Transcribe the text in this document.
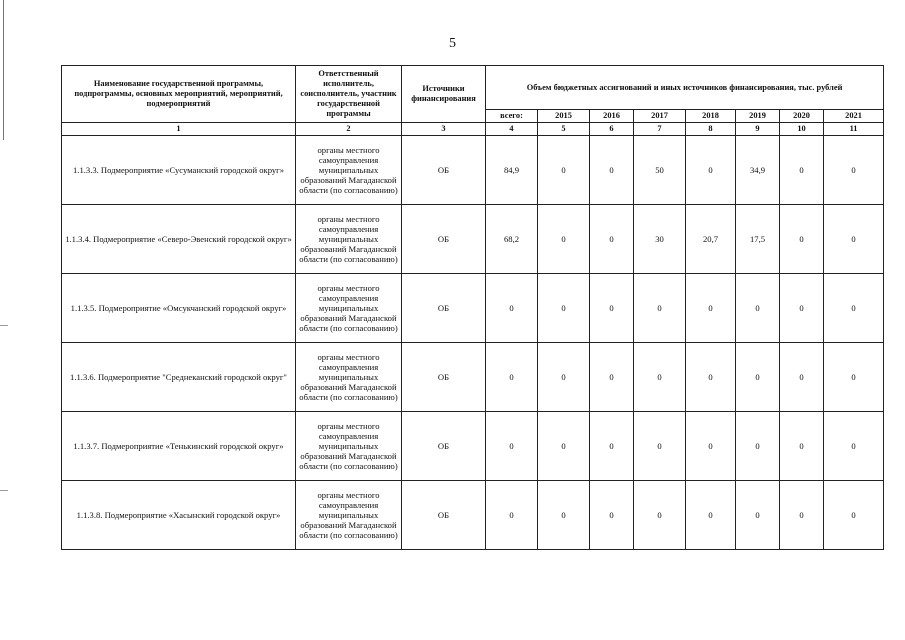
5
Наименование государственной программы, подпрограммы, основных мероприятий, мероприятий, подмероприятий	Ответственный исполнитель, соисполнитель, участник государственной программы	Источники финансирования	Объем бюджетных ассигнований и иных источников финансирования, тыс. рублей							
			всего:	2015	2016	2017	2018	2019	2020	2021
1	2	3	4	5	6	7	8	9	10	11
1.1.3.3. Подмероприятие «Сусуманский городской округ»	органы местного самоуправления муниципальных образований Магаданской области (по согласованию)	ОБ	84,9	0	0	50	0	34,9	0	0
1.1.3.4. Подмероприятие «Северо-Эвенский городской округ»	органы местного самоуправления муниципальных образований Магаданской области (по согласованию)	ОБ	68,2	0	0	30	20,7	17,5	0	0
1.1.3.5. Подмероприятие «Омсукчанский городской округ»	органы местного самоуправления муниципальных образований Магаданской области (по согласованию)	ОБ	0	0	0	0	0	0	0	0
1.1.3.6. Подмероприятие "Среднеканский городской округ"	органы местного самоуправления муниципальных образований Магаданской области (по согласованию)	ОБ	0	0	0	0	0	0	0	0
1.1.3.7. Подмероприятие «Тенькинский городской округ»	органы местного самоуправления муниципальных образований Магаданской области (по согласованию)	ОБ	0	0	0	0	0	0	0	0
1.1.3.8. Подмероприятие «Хасынский городской округ»	органы местного самоуправления муниципальных образований Магаданской области (по согласованию)	ОБ	0	0	0	0	0	0	0	0
